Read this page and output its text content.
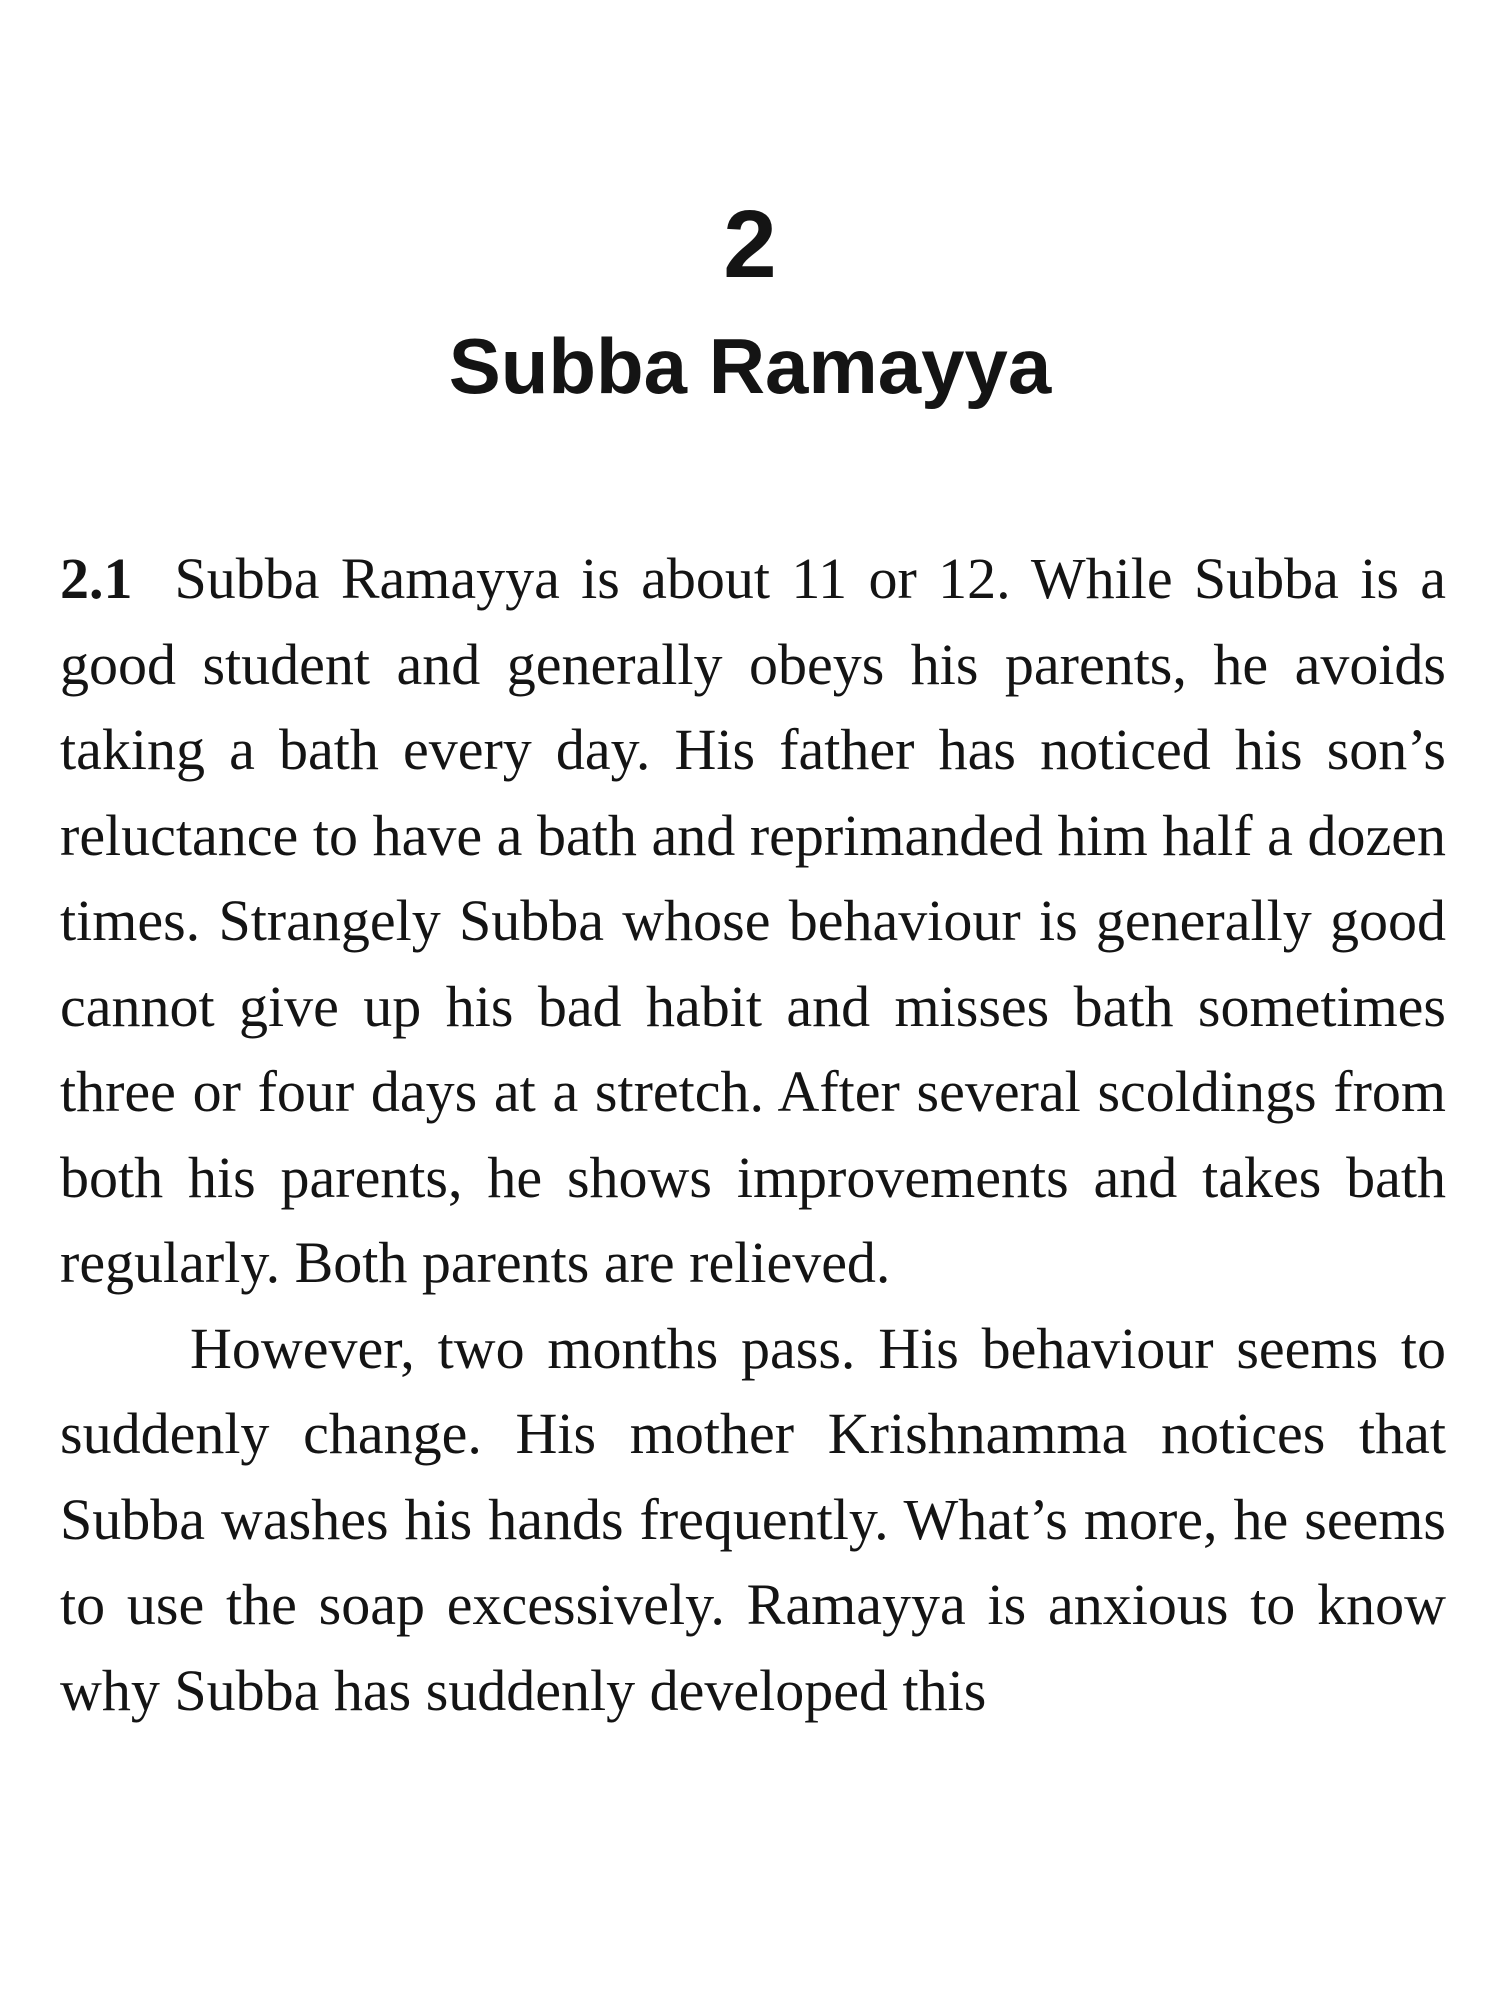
2
Subba Ramayya

2.1 Subba Ramayya is about 11 or 12. While Subba is a good student and generally obeys his parents, he avoids taking a bath every day. His father has noticed his son’s reluctance to have a bath and reprimanded him half a dozen times. Strangely Subba whose behaviour is generally good cannot give up his bad habit and misses bath sometimes three or four days at a stretch. After several scoldings from both his parents, he shows improvements and takes bath regularly. Both parents are relieved.

However, two months pass. His behaviour seems to suddenly change. His mother Krishnamma notices that Subba washes his hands frequently. What’s more, he seems to use the soap excessively. Ramayya is anxious to know why Subba has suddenly developed this
